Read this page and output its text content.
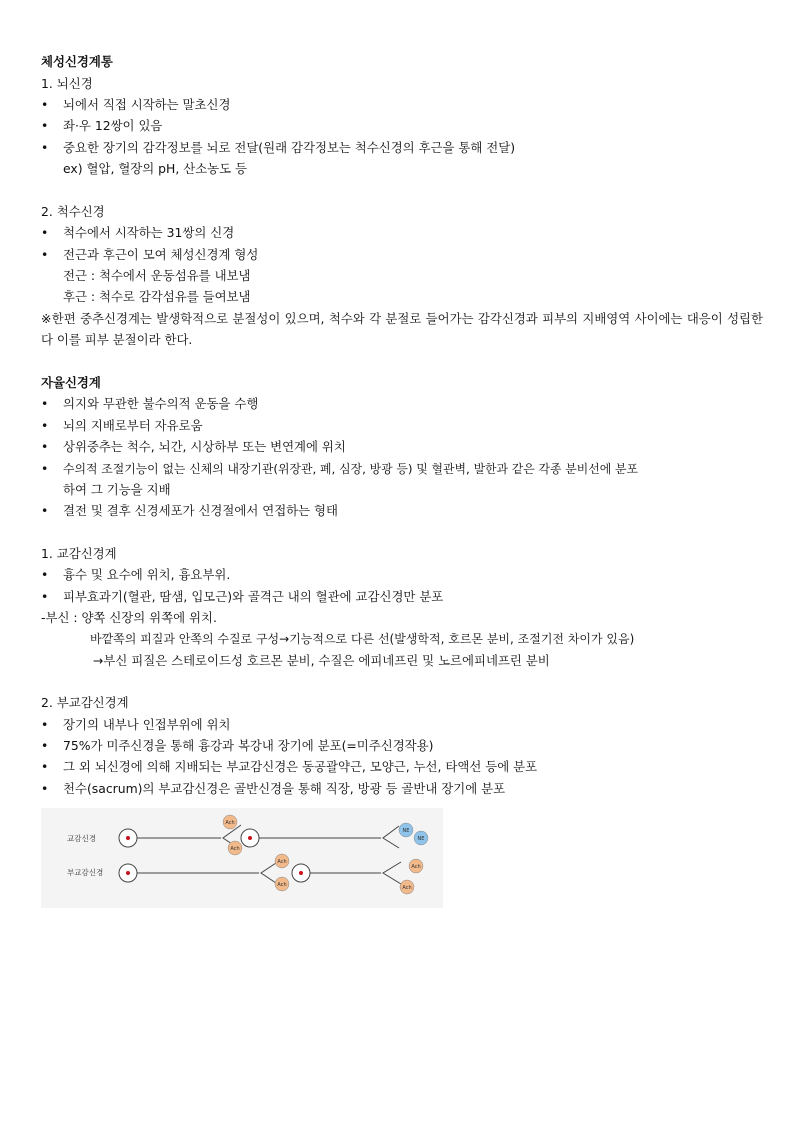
체성신경계통
1. 뇌신경
• 뇌에서 직접 시작하는 말초신경
• 좌·우 12쌍이 있음
• 중요한 장기의 감각정보를 뇌로 전달(원래 감각정보는 척수신경의 후근을 통해 전달)
ex) 혈압, 혈장의 pH, 산소농도 등
2. 척수신경
• 척수에서 시작하는 31쌍의 신경
• 전근과 후근이 모여 체성신경계 형성
전근 : 척수에서 운동섬유를 내보냄
후근 : 척수로 감각섬유를 들여보냄
※한편 중추신경계는 발생학적으로 분절성이 있으며, 척수와 각 분절로 들어가는 감각신경과 피부의 지배영역 사이에는 대응이 성립한다 이를 피부 분절이라 한다.
자율신경계
• 의지와 무관한 불수의적 운동을 수행
• 뇌의 지배로부터 자유로움
• 상위중추는 척수, 뇌간, 시상하부 또는 변연계에 위치
• 수의적 조절기능이 없는 신체의 내장기관(위장관, 폐, 심장, 방광 등) 및 혈관벽, 발한과 같은 각종 분비선에 분포
하여 그 기능을 지배
• 결전 및 결후 신경세포가 신경절에서 연접하는 형태
1. 교감신경계
• 흉수 및 요수에 위치, 흉요부위.
• 피부효과기(혈관, 땀샘, 입모근)와 골격근 내의 혈관에 교감신경만 분포
-부신 : 양쪽 신장의 위쪽에 위치.
바깥쪽의 피질과 안쪽의 수질로 구성→기능적으로 다른 선(발생학적, 호르몬 분비, 조절기전 차이가 있음)
→부신 피질은 스테로이드성 호르몬 분비, 수질은 에피네프린 및 노르에피네프린 분비
2. 부교감신경계
• 장기의 내부나 인접부위에 위치
• 75%가 미주신경을 통해 흉강과 복강내 장기에 분포(=미주신경작용)
• 그 외 뇌신경에 의해 지배되는 부교감신경은 동공괄약근, 모양근, 누선, 타액선 등에 분포
• 천수(sacrum)의 부교감신경은 골반신경을 통해 직장, 방광 등 골반내 장기에 분포
교감신경
Ach
Ach
NE
NE
부교감신경
Ach
Ach
Ach
Ach
